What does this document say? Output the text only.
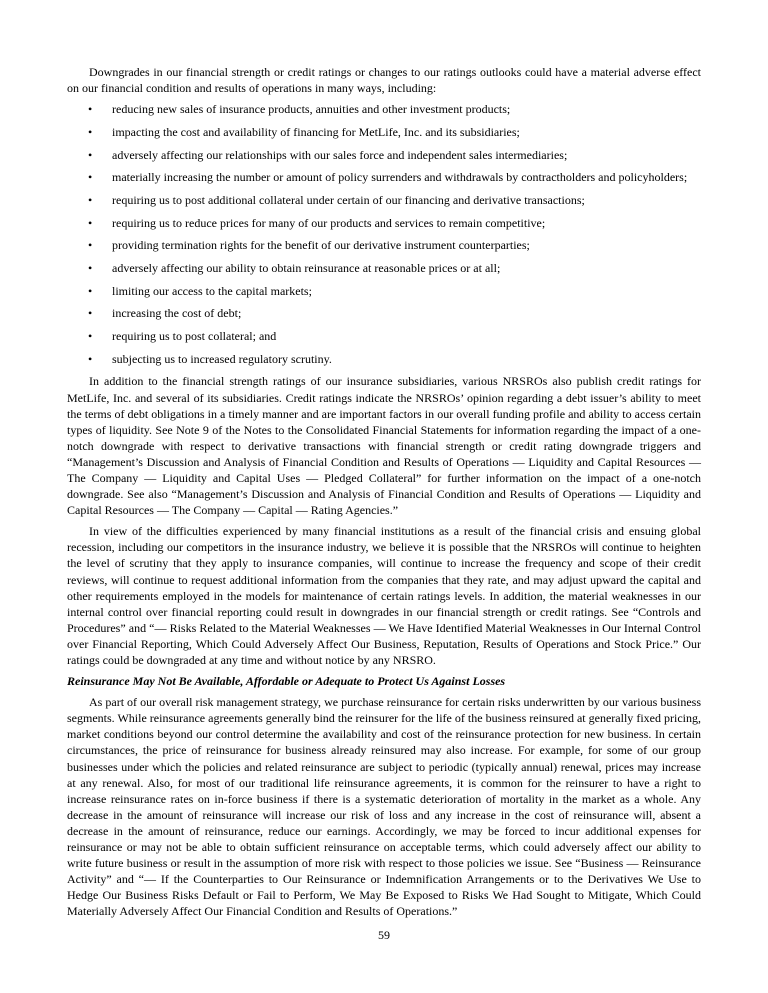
Downgrades in our financial strength or credit ratings or changes to our ratings outlooks could have a material adverse effect on our financial condition and results of operations in many ways, including:

• reducing new sales of insurance products, annuities and other investment products;
• impacting the cost and availability of financing for MetLife, Inc. and its subsidiaries;
• adversely affecting our relationships with our sales force and independent sales intermediaries;
• materially increasing the number or amount of policy surrenders and withdrawals by contractholders and policyholders;
• requiring us to post additional collateral under certain of our financing and derivative transactions;
• requiring us to reduce prices for many of our products and services to remain competitive;
• providing termination rights for the benefit of our derivative instrument counterparties;
• adversely affecting our ability to obtain reinsurance at reasonable prices or at all;
• limiting our access to the capital markets;
• increasing the cost of debt;
• requiring us to post collateral; and
• subjecting us to increased regulatory scrutiny.

In addition to the financial strength ratings of our insurance subsidiaries, various NRSROs also publish credit ratings for MetLife, Inc. and several of its subsidiaries. Credit ratings indicate the NRSROs’ opinion regarding a debt issuer’s ability to meet the terms of debt obligations in a timely manner and are important factors in our overall funding profile and ability to access certain types of liquidity. See Note 9 of the Notes to the Consolidated Financial Statements for information regarding the impact of a one-notch downgrade with respect to derivative transactions with financial strength or credit rating downgrade triggers and “Management’s Discussion and Analysis of Financial Condition and Results of Operations — Liquidity and Capital Resources — The Company — Liquidity and Capital Uses — Pledged Collateral” for further information on the impact of a one-notch downgrade. See also “Management’s Discussion and Analysis of Financial Condition and Results of Operations — Liquidity and Capital Resources — The Company — Capital — Rating Agencies.”

In view of the difficulties experienced by many financial institutions as a result of the financial crisis and ensuing global recession, including our competitors in the insurance industry, we believe it is possible that the NRSROs will continue to heighten the level of scrutiny that they apply to insurance companies, will continue to increase the frequency and scope of their credit reviews, will continue to request additional information from the companies that they rate, and may adjust upward the capital and other requirements employed in the models for maintenance of certain ratings levels. In addition, the material weaknesses in our internal control over financial reporting could result in downgrades in our financial strength or credit ratings. See “Controls and Procedures” and “— Risks Related to the Material Weaknesses — We Have Identified Material Weaknesses in Our Internal Control over Financial Reporting, Which Could Adversely Affect Our Business, Reputation, Results of Operations and Stock Price.” Our ratings could be downgraded at any time and without notice by any NRSRO.

Reinsurance May Not Be Available, Affordable or Adequate to Protect Us Against Losses

As part of our overall risk management strategy, we purchase reinsurance for certain risks underwritten by our various business segments. While reinsurance agreements generally bind the reinsurer for the life of the business reinsured at generally fixed pricing, market conditions beyond our control determine the availability and cost of the reinsurance protection for new business. In certain circumstances, the price of reinsurance for business already reinsured may also increase. For example, for some of our group businesses under which the policies and related reinsurance are subject to periodic (typically annual) renewal, prices may increase at any renewal. Also, for most of our traditional life reinsurance agreements, it is common for the reinsurer to have a right to increase reinsurance rates on in-force business if there is a systematic deterioration of mortality in the market as a whole. Any decrease in the amount of reinsurance will increase our risk of loss and any increase in the cost of reinsurance will, absent a decrease in the amount of reinsurance, reduce our earnings. Accordingly, we may be forced to incur additional expenses for reinsurance or may not be able to obtain sufficient reinsurance on acceptable terms, which could adversely affect our ability to write future business or result in the assumption of more risk with respect to those policies we issue. See “Business — Reinsurance Activity” and “— If the Counterparties to Our Reinsurance or Indemnification Arrangements or to the Derivatives We Use to Hedge Our Business Risks Default or Fail to Perform, We May Be Exposed to Risks We Had Sought to Mitigate, Which Could Materially Adversely Affect Our Financial Condition and Results of Operations.”

59
